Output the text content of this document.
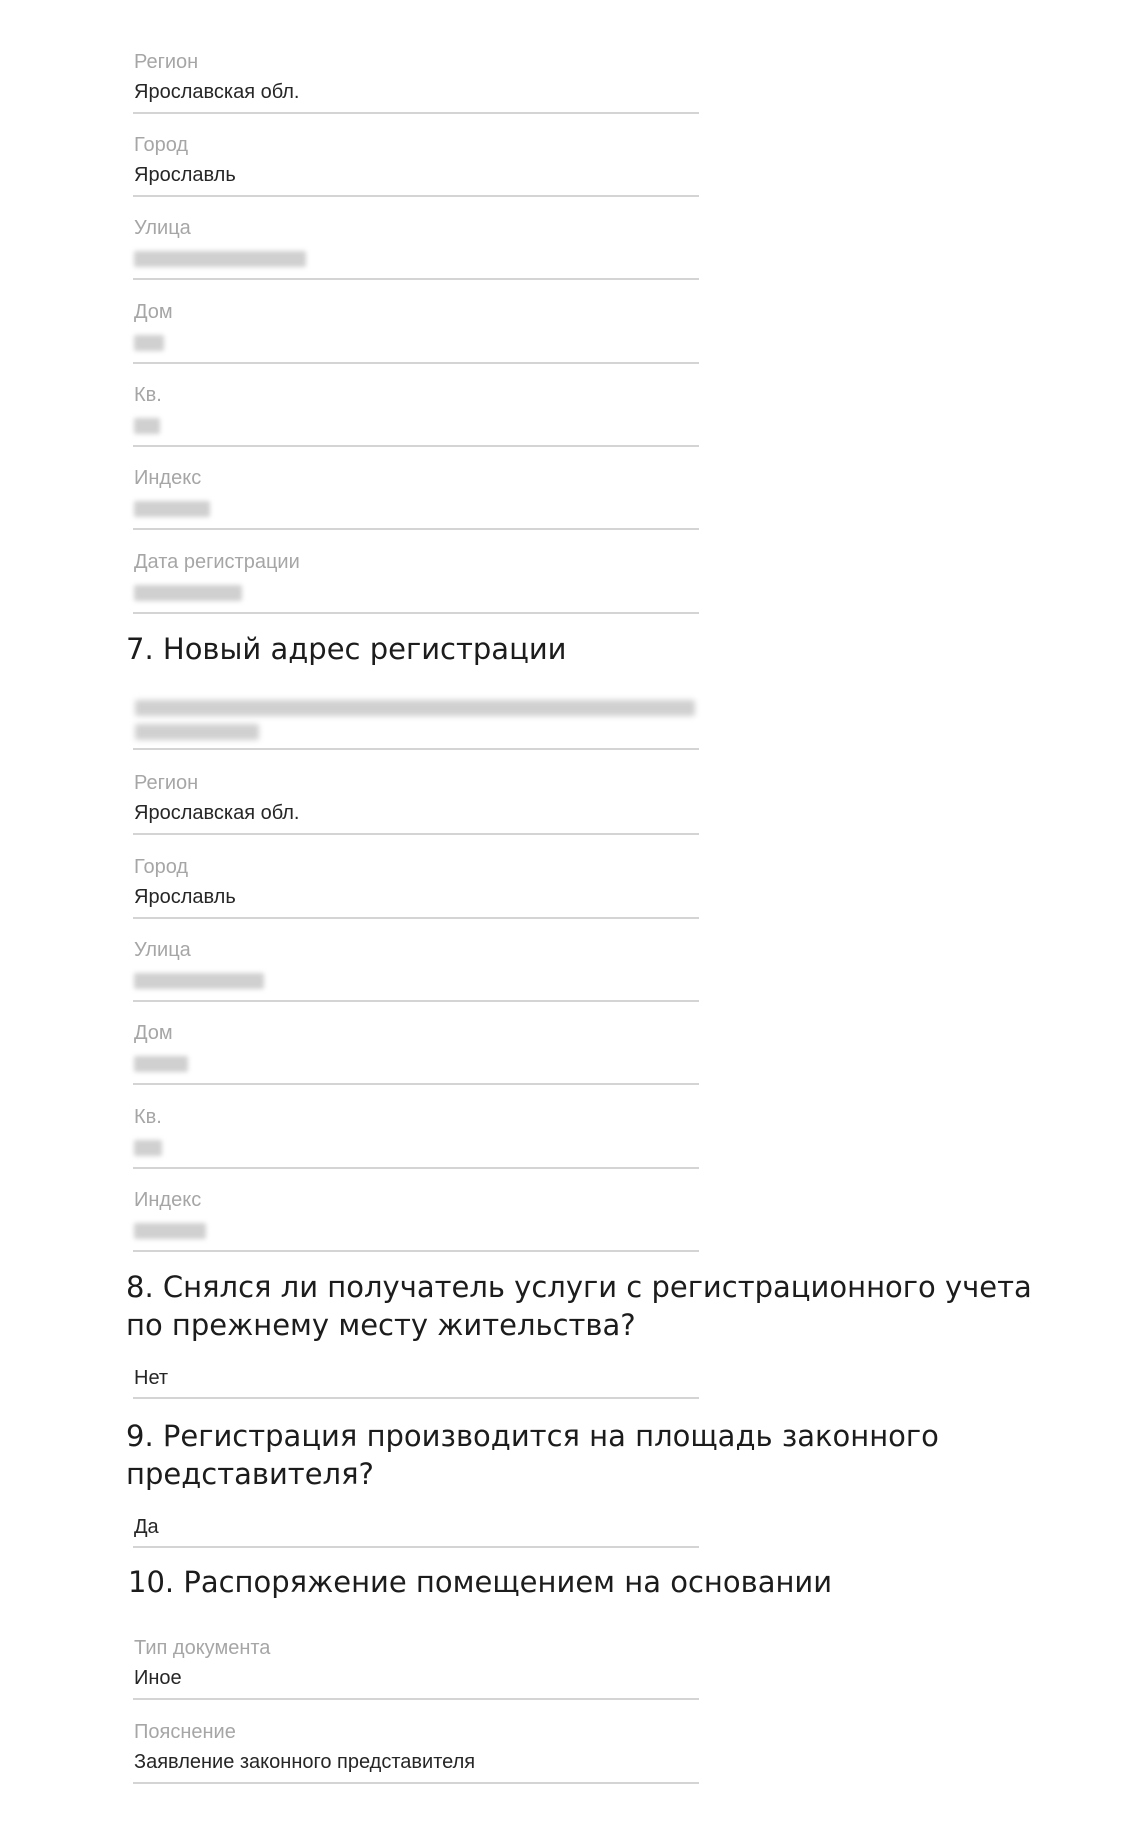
Регион
Ярославская обл.
Город
Ярославль
Улица
Дом
Кв.
Индекс
Дата регистрации
7. Новый адрес регистрации
Регион
Ярославская обл.
Город
Ярославль
Улица
Дом
Кв.
Индекс
8. Снялся ли получатель услуги с регистрационного учета
по прежнему месту жительства?
Нет
9. Регистрация производится на площадь законного
представителя?
Да
10. Распоряжение помещением на основании
Тип документа
Иное
Пояснение
Заявление законного представителя
